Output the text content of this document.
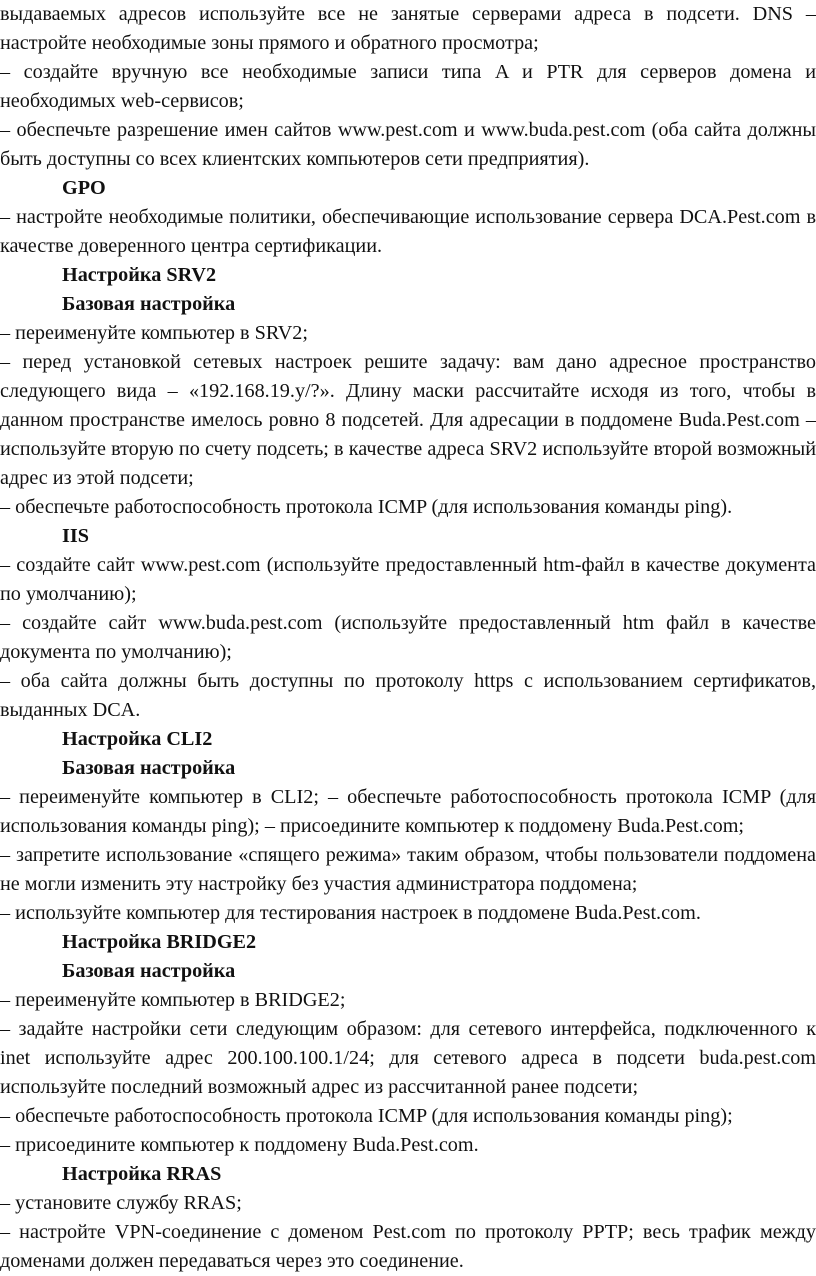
выдаваемых адресов используйте все не занятые серверами адреса в подсети. DNS – настройте необходимые зоны прямого и обратного просмотра;

– создайте вручную все необходимые записи типа A и PTR для серверов домена и необходимых web-сервисов;

– обеспечьте разрешение имен сайтов www.pest.com и www.buda.pest.com (оба сайта должны быть доступны со всех клиентских компьютеров сети предприятия).

GPO

– настройте необходимые политики, обеспечивающие использование сервера DCA.Pest.com в качестве доверенного центра сертификации.

Настройка SRV2

Базовая настройка

– переименуйте компьютер в SRV2;

– перед установкой сетевых настроек решите задачу: вам дано адресное пространство следующего вида – «192.168.19.y/?». Длину маски рассчитайте исходя из того, чтобы в данном пространстве имелось ровно 8 подсетей. Для адресации в поддомене Buda.Pest.com – используйте вторую по счету подсеть; в качестве адреса SRV2 используйте второй возможный адрес из этой подсети;

– обеспечьте работоспособность протокола ICMP (для использования команды ping).

IIS

– создайте сайт www.pest.com (используйте предоставленный htm-файл в качестве документа по умолчанию);

– создайте сайт www.buda.pest.com (используйте предоставленный htm файл в качестве документа по умолчанию);

– оба сайта должны быть доступны по протоколу https с использованием сертификатов, выданных DCA.

Настройка CLI2

Базовая настройка

– переименуйте компьютер в CLI2; – обеспечьте работоспособность протокола ICMP (для использования команды ping); – присоедините компьютер к поддомену Buda.Pest.com;

– запретите использование «спящего режима» таким образом, чтобы пользователи поддомена не могли изменить эту настройку без участия администратора поддомена;

– используйте компьютер для тестирования настроек в поддомене Buda.Pest.com.

Настройка BRIDGE2

Базовая настройка

– переименуйте компьютер в BRIDGE2;

– задайте настройки сети следующим образом: для сетевого интерфейса, подключенного к inet используйте адрес 200.100.100.1/24; для сетевого адреса в подсети buda.pest.com используйте последний возможный адрес из рассчитанной ранее подсети;

– обеспечьте работоспособность протокола ICMP (для использования команды ping);

– присоедините компьютер к поддомену Buda.Pest.com.

Настройка RRAS

– установите службу RRAS;

– настройте VPN-соединение с доменом Pest.com по протоколу PPTP; весь трафик между доменами должен передаваться через это соединение.
